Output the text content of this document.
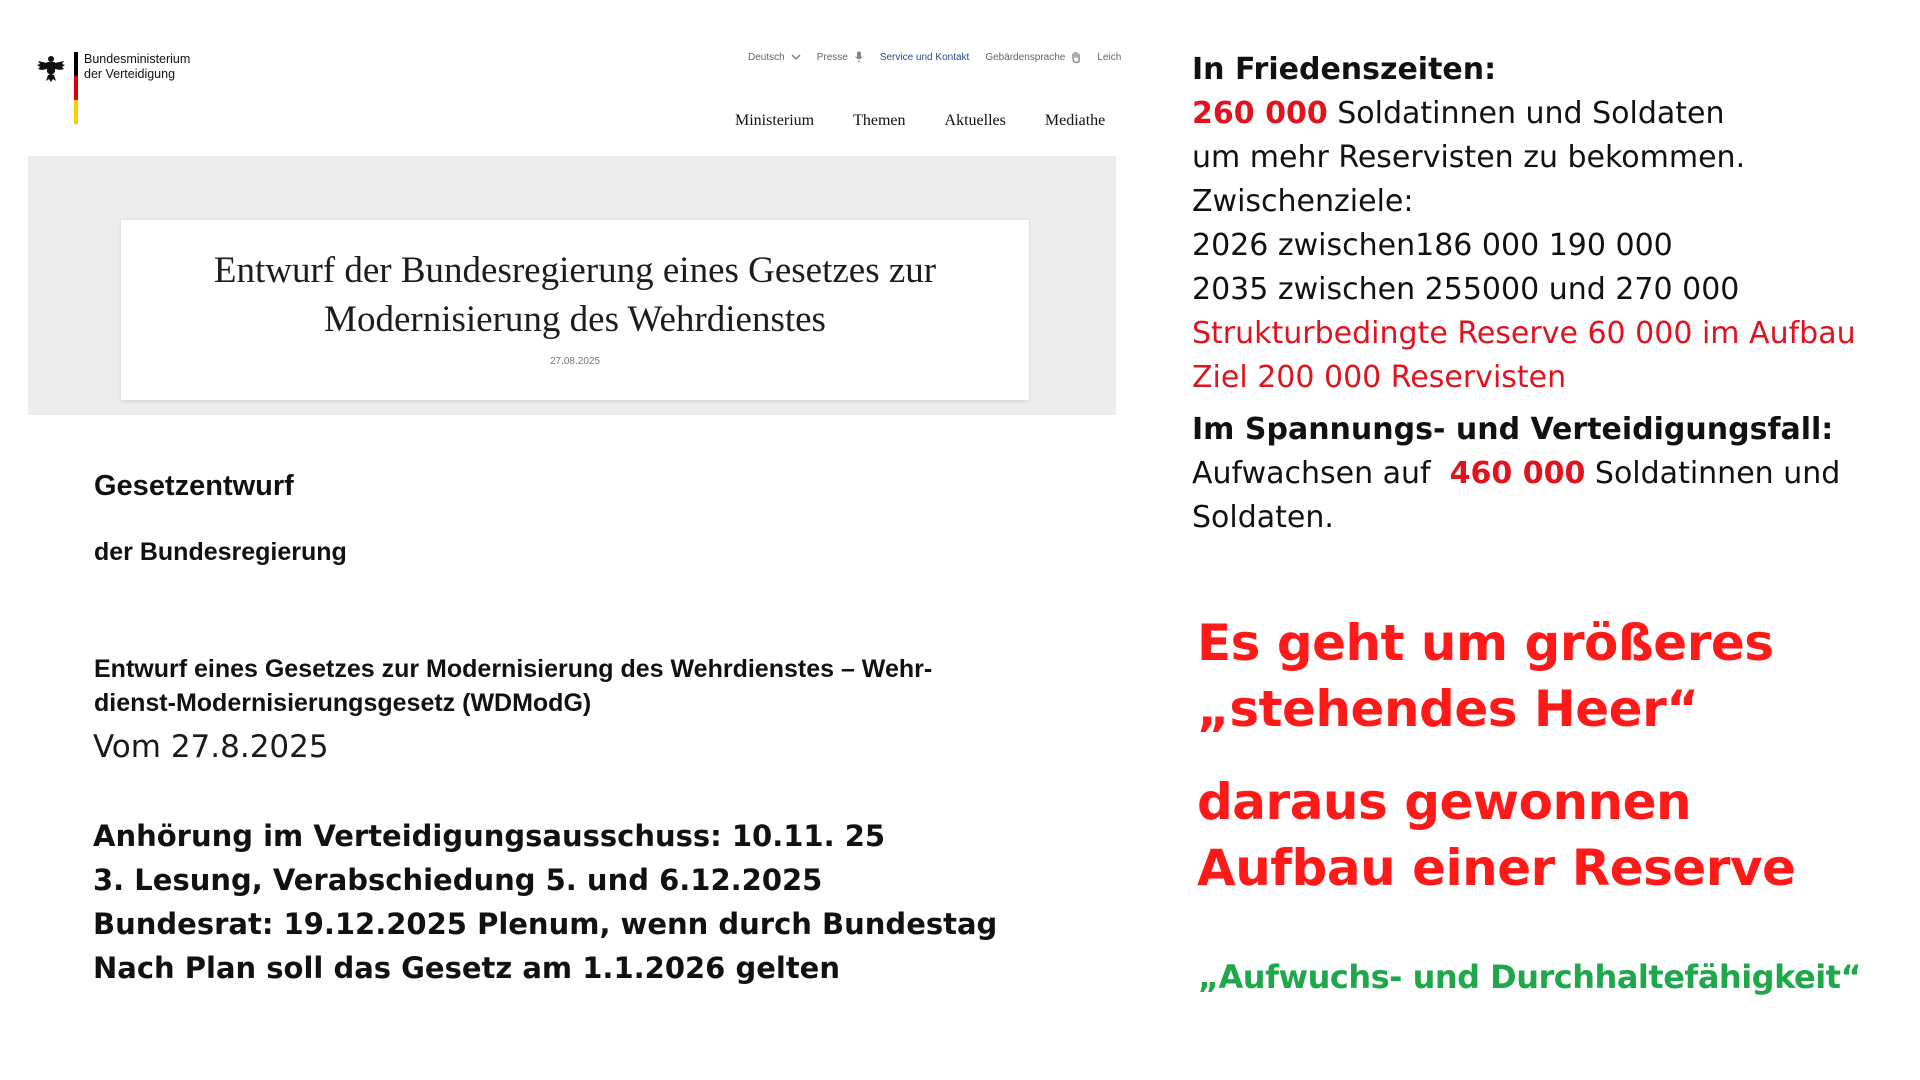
Bundesministerium
der Verteidigung
Deutsch	Presse	Service und Kontakt Gebärdensprache	Leich
Ministerium Themen Aktuelles Mediathe
Entwurf der Bundesregierung eines Gesetzes zur
Modernisierung des Wehrdienstes
27.08.2025
Gesetzentwurf
der Bundesregierung
Entwurf eines Gesetzes zur Modernisierung des Wehrdienstes – Wehr-
dienst-Modernisierungsgesetz (WDModG)
Vom 27.8.2025
Anhörung im Verteidigungsausschuss: 10.11. 25
3. Lesung, Verabschiedung 5. und 6.12.2025
Bundesrat: 19.12.2025 Plenum, wenn durch Bundestag
Nach Plan soll das Gesetz am 1.1.2026 gelten
In Friedenszeiten:
260 000 Soldatinnen und Soldaten
um mehr Reservisten zu bekommen.
Zwischenziele:
2026 zwischen186 000 190 000
2035 zwischen 255000 und 270 000
Strukturbedingte Reserve 60 000 im Aufbau
Ziel 200 000 Reservisten
Im Spannungs- und Verteidigungsfall:
Aufwachsen auf  460 000 Soldatinnen und
Soldaten.
Es geht um größeres
„stehendes Heer“
daraus gewonnen
Aufbau einer Reserve
„Aufwuchs- und Durchhaltefähigkeit“
